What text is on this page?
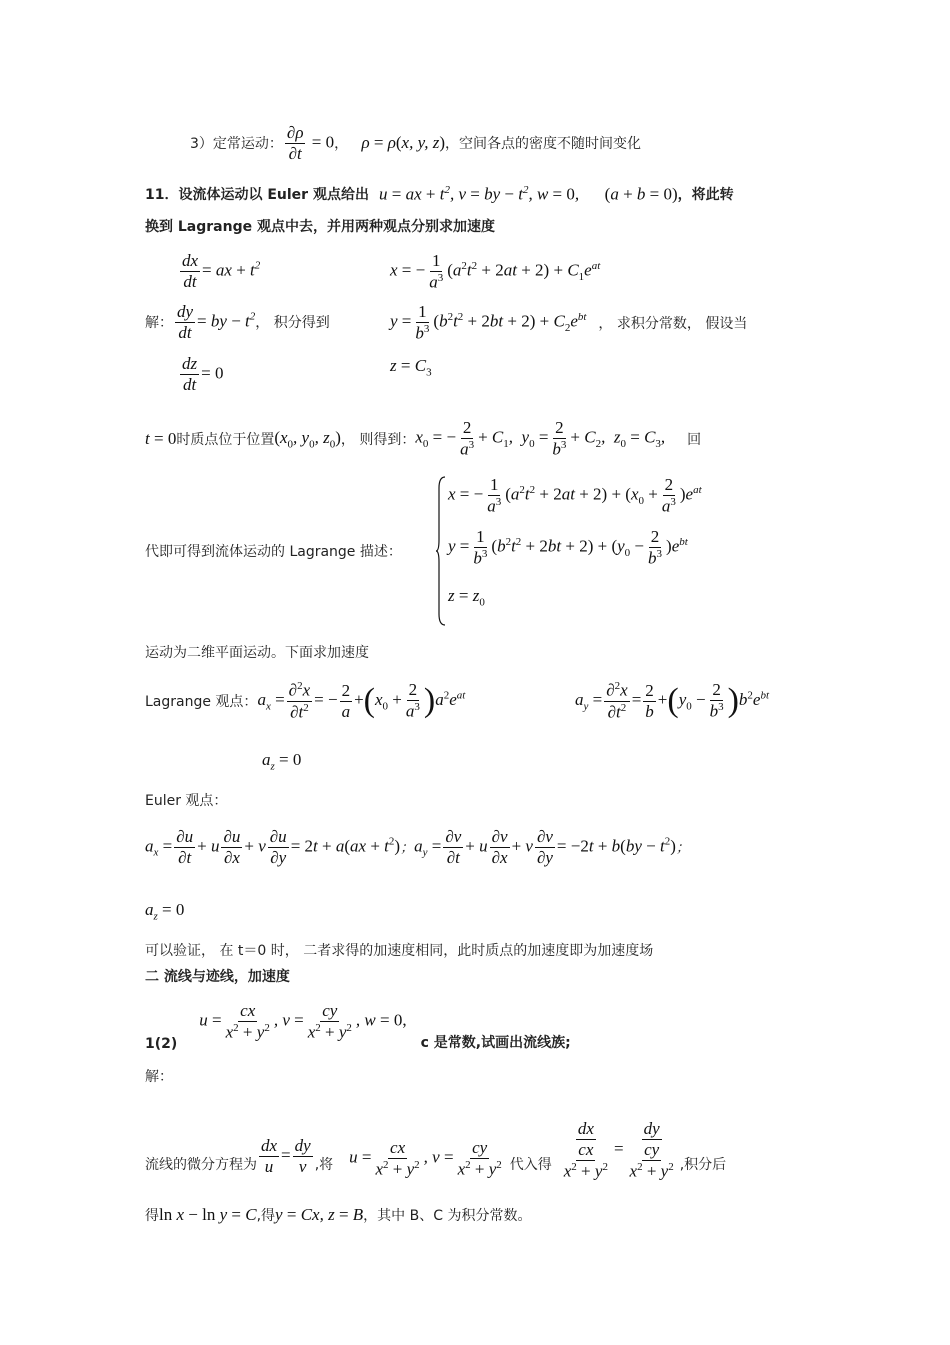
3）定常运动： $\frac{\partial\rho}{\partial t} = 0$ ， ρ = ρ(x, y, z) ，空间各点的密度不随时间变化
11． 设流体运动以 Euler 观点给出 u = ax + $t^2$, v = by − $t^2$, w = 0,      (a + b = 0) ，将此转
换到 Lagrange 观点中去，并用两种观点分别求加速度
$\frac{dx}{dt}$ = ax + $t^2$
解： $\frac{dy}{dt}$ = by − $t^2$ ， 积分得到
$\frac{dz}{dt} = 0$
x = − $\frac{1}{a^3} (a^2t^2 + 2at + 2) + C_1e^{at}$
$y = \frac{1}{b^3} (b^2t^2 + 2bt + 2) + C_2e^{bt}$ ， 求积分常数， 假设当
$z = C_3$
t = 0 时质点位于位置 ($x_0$, $y_0$, $z_0$) ， 则得到： $x_0$ = − $\frac{2}{a^3} + C_1$,  $y_0 = \frac{2}{b^3} + C_2$,  $z_0 = C_3$, 回
代即可得到流体运动的 Lagrange 描述：
x = − $\frac{1}{a^3} (a^2t^2 + 2at + 2) + (x_0 + \frac{2}{a^3} )e^{at}$
$y = \frac{1}{b^3} (b^2t^2 + 2bt + 2) + (y_0 - \frac{2}{b^3} )e^{bt}$
$z = z_0$
运动为二维平面运动。下面求加速度
Lagrange 观点： $a_x = \frac{\partial^2x}{\partial t^2}$ = − $\frac{2}{a} +(x_0 + \frac{2}{a^3} )a^2e^{at}$	$a_y = \frac{\partial^2x}{\partial t^2} = \frac{2}{b} +(y_0 - \frac{2}{b^3} )b^2e^{bt}$
$a_z = 0$
Euler 观点：
$a_x = \frac{\partial u}{\partial t} + u \frac{\partial u}{\partial x} + v \frac{\partial u}{\partial y} = 2t + a(ax + t^2)$ ； $a_y = \frac{\partial v}{\partial t} + u \frac{\partial v}{\partial x} + v \frac{\partial v}{\partial y} = -2t + b(by - t^2)$ ；
$a_z = 0$
可以验证， 在 t＝0 时， 二者求得的加速度相同，此时质点的加速度即为加速度场
二 流线与迹线，加速度
1(2)
$u = \frac{cx}{x^2 + y^2}$ , $v = \frac{cy}{x^2 + y^2}$ , w = 0,
c 是常数,试画出流线族;
解：
流线的微分方程为 $\frac{dx}{u} = \frac{dy}{v}$ ,将 $u = \frac{cx}{x^2 + y^2}$ , $v = \frac{cy}{x^2 + y^2}$ 代入得 $\frac{dx}{\frac{cx}{x^2 + y^2}} = \frac{dy}{\frac{cy}{x^2 + y^2}}$ ,积分后
得 ln x − ln y = C ,得 y = Cx, z = B ，其中 B、C 为积分常数。
